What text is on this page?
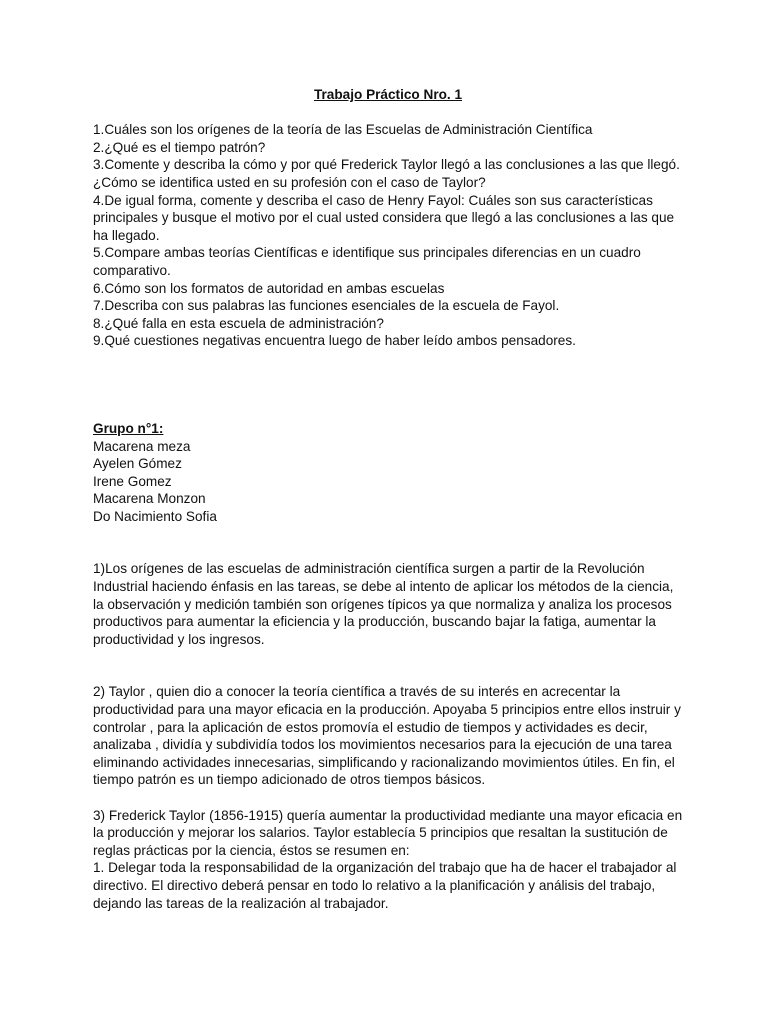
Trabajo Práctico Nro. 1

1.Cuáles son los orígenes de la teoría de las Escuelas de Administración Científica

2.¿Qué es el tiempo patrón?

3.Comente y describa la cómo y por qué Frederick Taylor llegó a las conclusiones a las que llegó. ¿Cómo se identifica usted en su profesión con el caso de Taylor?

4.De igual forma, comente y describa el caso de Henry Fayol: Cuáles son sus características principales y busque el motivo por el cual usted considera que llegó a las conclusiones a las que ha llegado.

5.Compare ambas teorías Científicas e identifique sus principales diferencias en un cuadro comparativo.

6.Cómo son los formatos de autoridad en ambas escuelas

7.Describa con sus palabras las funciones esenciales de la escuela de Fayol.

8.¿Qué falla en esta escuela de administración?

9.Qué cuestiones negativas encuentra luego de haber leído ambos pensadores.

Grupo n°1:

Macarena meza

Ayelen Gómez

Irene Gomez

Macarena Monzon

Do Nacimiento Sofia

1)Los orígenes de las escuelas de administración científica surgen a partir de la Revolución Industrial haciendo énfasis en las tareas, se debe al intento de aplicar los métodos de la ciencia, la observación y medición también son orígenes típicos ya que normaliza y analiza los procesos productivos para aumentar la eficiencia y la producción, buscando bajar la fatiga, aumentar la productividad y los ingresos.

2) Taylor , quien dio a conocer la teoría científica a través de su interés en acrecentar la productividad para una mayor eficacia en la producción. Apoyaba 5 principios entre ellos instruir y controlar , para la aplicación de estos promovía el estudio de tiempos y actividades es decir, analizaba , dividía y subdividía todos los movimientos necesarios para la ejecución de una tarea eliminando actividades innecesarias, simplificando y racionalizando movimientos útiles. En fin, el tiempo patrón es un tiempo adicionado de otros tiempos básicos.

3) Frederick Taylor (1856-1915) quería aumentar la productividad mediante una mayor eficacia en la producción y mejorar los salarios. Taylor establecía 5 principios que resaltan la sustitución de reglas prácticas por la ciencia, éstos se resumen en:

1. Delegar toda la responsabilidad de la organización del trabajo que ha de hacer el trabajador al directivo. El directivo deberá pensar en todo lo relativo a la planificación y análisis del trabajo, dejando las tareas de la realización al trabajador.
